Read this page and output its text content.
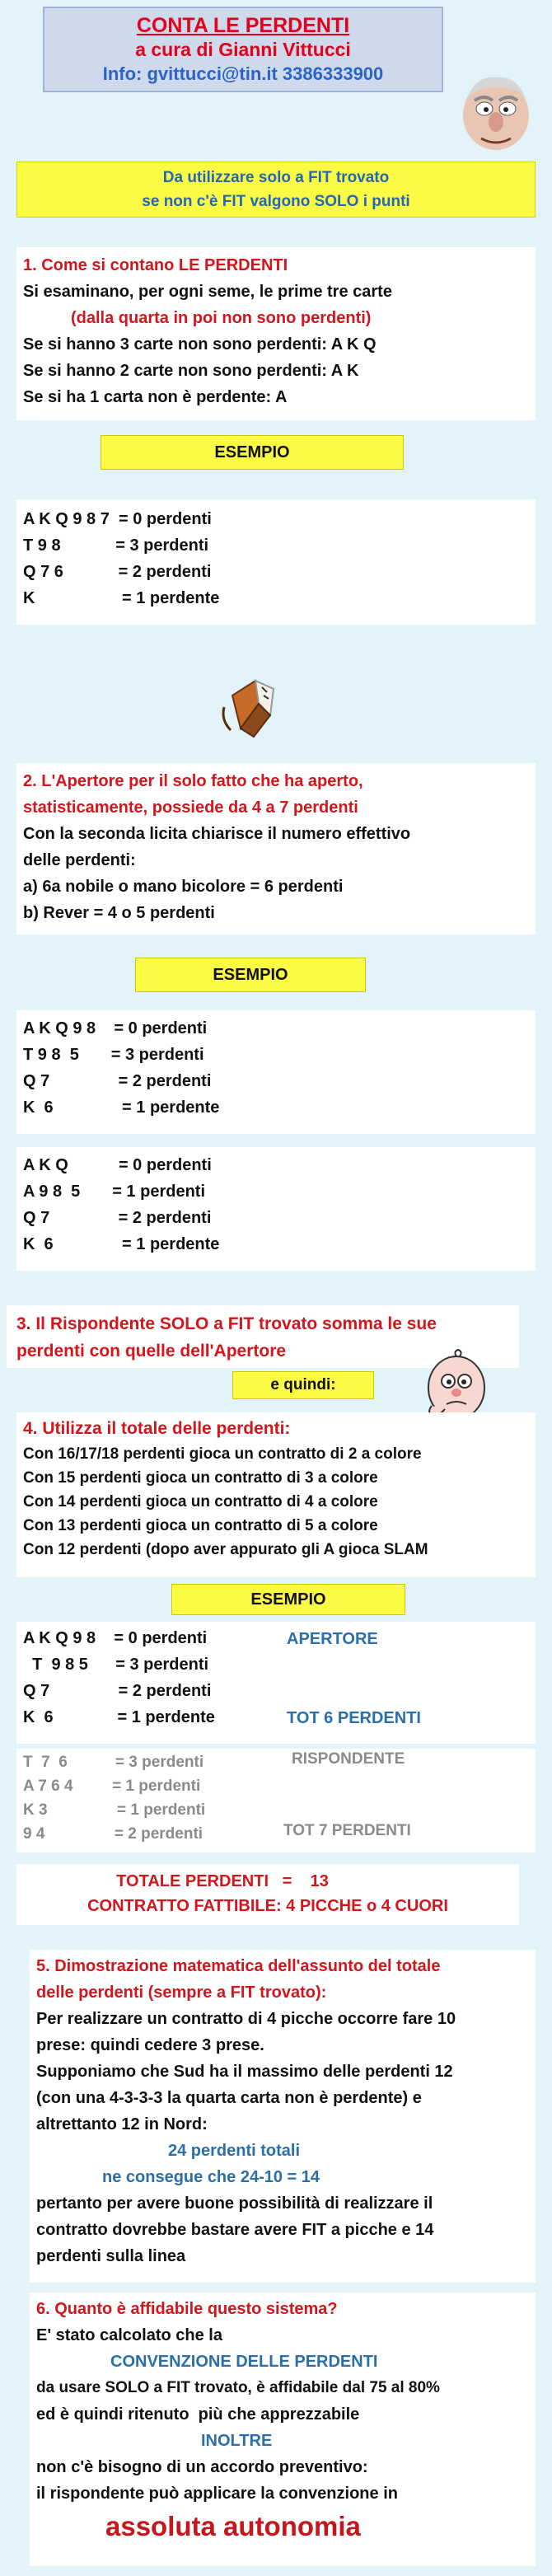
CONTA LE PERDENTI
a cura di Gianni Vittucci
Info: gvittucci@tin.it 3386333900
Da utilizzare solo a FIT trovato
se non c'è FIT valgono SOLO i punti
1. Come si contano LE PERDENTI
Si esaminano, per ogni seme, le prime tre carte
(dalla quarta in poi non sono perdenti)
Se si hanno 3 carte non sono perdenti: A K Q
Se si hanno 2 carte non sono perdenti: A K
Se si ha 1 carta non è perdente: A
ESEMPIO
A K Q 9 8 7  = 0 perdenti
T 9 8            = 3 perdenti
Q 7 6            = 2 perdenti
K                   = 1 perdente
2. L'Apertore per il solo fatto che ha aperto,
statisticamente, possiede da 4 a 7 perdenti
Con la seconda licita chiarisce il numero effettivo
delle perdenti:
a) 6a nobile o mano bicolore = 6 perdenti
b) Rever = 4 o 5 perdenti
ESEMPIO
A K Q 9 8    = 0 perdenti
T 9 8  5       = 3 perdenti
Q 7               = 2 perdenti
K  6               = 1 perdente
A K Q           = 0 perdenti
A 9 8  5       = 1 perdenti
Q 7               = 2 perdenti
K  6               = 1 perdente
3. Il Rispondente SOLO a FIT trovato somma le sue
perdenti con quelle dell'Apertore
e quindi:
4. Utilizza il totale delle perdenti:
Con 16/17/18 perdenti gioca un contratto di 2 a colore
Con 15 perdenti gioca un contratto di 3 a colore
Con 14 perdenti gioca un contratto di 4 a colore
Con 13 perdenti gioca un contratto di 5 a colore
Con 12 perdenti (dopo aver appurato gli A gioca SLAM
ESEMPIO
A K Q 9 8    = 0 perdenti
T  9 8 5      = 3 perdenti
Q 7               = 2 perdenti
K  6              = 1 perdente
APERTORE
TOT 6 PERDENTI
T  7  6           = 3 perdenti
A 7 6 4         = 1 perdenti
K 3                = 1 perdenti
9 4                = 2 perdenti
RISPONDENTE
TOT 7 PERDENTI
TOTALE PERDENTI   =    13
CONTRATTO FATTIBILE: 4 PICCHE o 4 CUORI
5. Dimostrazione matematica dell'assunto del totale
delle perdenti (sempre a FIT trovato):
Per realizzare un contratto di 4 picche occorre fare 10
prese: quindi cedere 3 prese.
Supponiamo che Sud ha il massimo delle perdenti 12
(con una 4-3-3-3 la quarta carta non è perdente) e
altrettanto 12 in Nord:
24 perdenti totali
ne consegue che 24-10 = 14
pertanto per avere buone possibilità di realizzare il
contratto dovrebbe bastare avere FIT a picche e 14
perdenti sulla linea
6. Quanto è affidabile questo sistema?
E' stato calcolato che la
CONVENZIONE DELLE PERDENTI
da usare SOLO a FIT trovato, è affidabile dal 75 al 80%
ed è quindi ritenuto  più che apprezzabile
INOLTRE
non c'è bisogno di un accordo preventivo:
il rispondente può applicare la convenzione in
assoluta autonomia
